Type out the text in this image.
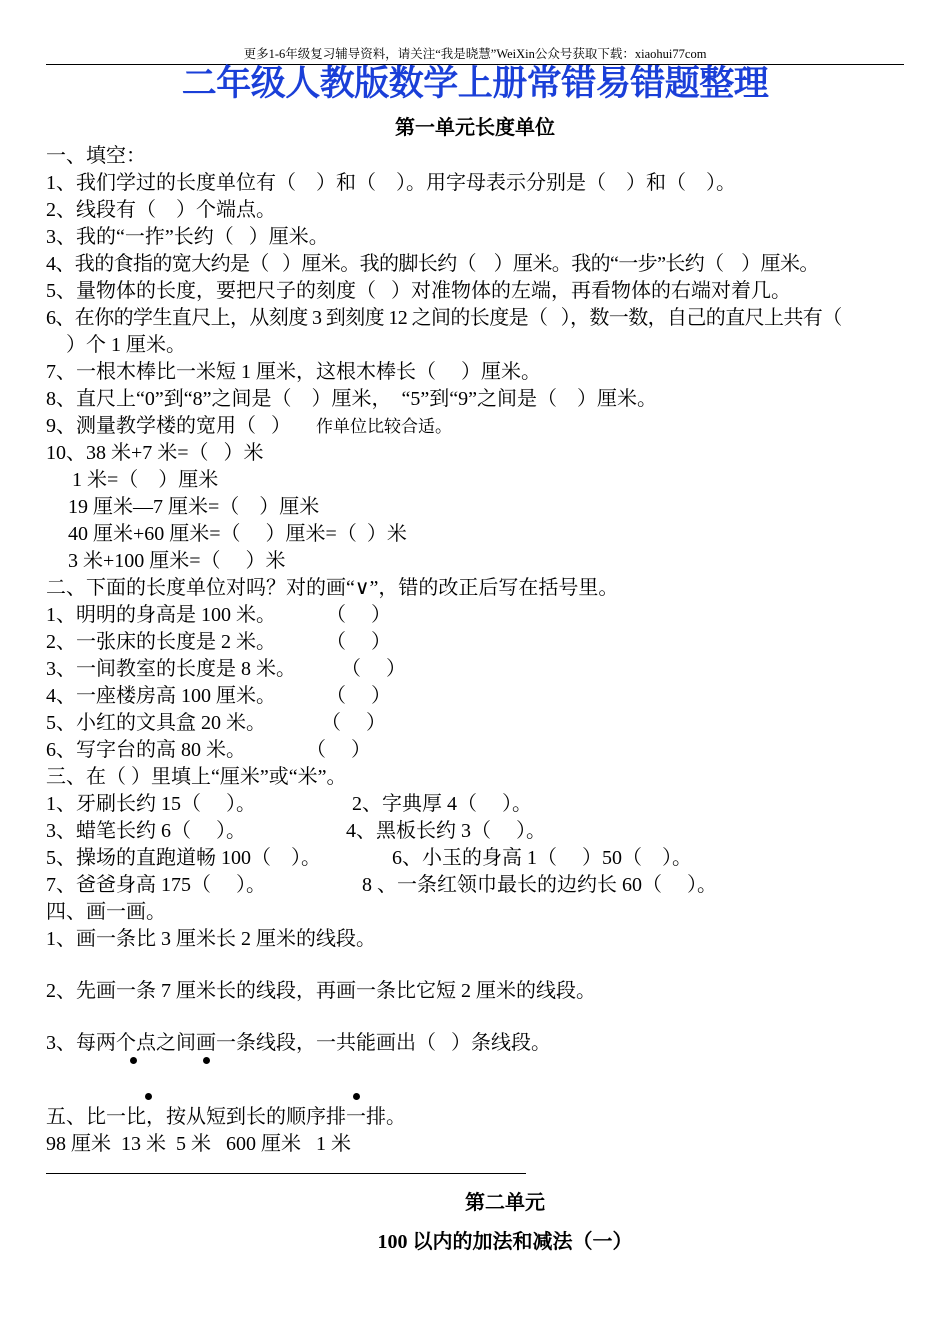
更多1-6年级复习辅导资料，请关注“我是晓慧”WeiXin公众号获取下载：xiaohui77com
二年级人教版数学上册常错易错题整理
第一单元长度单位
一、填空：
1、我们学过的长度单位有（    ）和（    ）。用字母表示分别是（    ）和（    ）。
2、线段有（    ）个端点。
3、我的“一拃”长约（   ）厘米。
4、我的食指的宽大约是（   ）厘米。我的脚长约（    ）厘米。我的“一步”长约（    ）厘米。
5、量物体的长度，要把尺子的刻度（   ）对准物体的左端，再看物体的右端对着几。
6、在你的学生直尺上，从刻度 3 到刻度 12 之间的长度是（   ），数一数，自己的直尺上共有（
）个 1 厘米。
7、一根木棒比一米短 1 厘米，这根木棒长（     ）厘米。
8、直尺上“0”到“8”之间是（    ）厘米，  “5”到“9”之间是（    ）厘米。
9、测量教学楼的宽用（   ） 作单位比较合适。
10、38 米+7 米=（   ）米
1 米=（    ）厘米
19 厘米—7 厘米=（    ）厘米
40 厘米+60 厘米=（     ）厘米=（  ）米
3 米+100 厘米=（     ）米
二、下面的长度单位对吗？对的画“∨”，错的改正后写在括号里。
1、明明的身高是 100 米。          （     ）
2、一张床的长度是 2 米。          （     ）
3、一间教室的长度是 8 米。         （     ）
4、一座楼房高 100 厘米。          （     ）
5、小红的文具盒 20 米。           （     ）
6、写字台的高 80 米。            （     ）
三、在（ ）里填上“厘米”或“米”。
1、牙刷长约 15（     ）。	2、字典厚 4（     ）。
3、蜡笔长约 6（     ）。	4、黑板长约 3（     ）。
5、操场的直跑道畅 100（    ）。	6、小玉的身高 1（     ）50（    ）。
7、爸爸身高 175（     ）。	8 、一条红领巾最长的边约长 60（     ）。
四、画一画。
1、画一条比 3 厘米长 2 厘米的线段。
2、先画一条 7 厘米长的线段，再画一条比它短 2 厘米的线段。
3、每两个点之间画一条线段，一共能画出（   ）条线段。
五、比一比，按从短到长的顺序排一排。
98 厘米  13 米  5 米   600 厘米   1 米
第二单元
100 以内的加法和减法（一）
